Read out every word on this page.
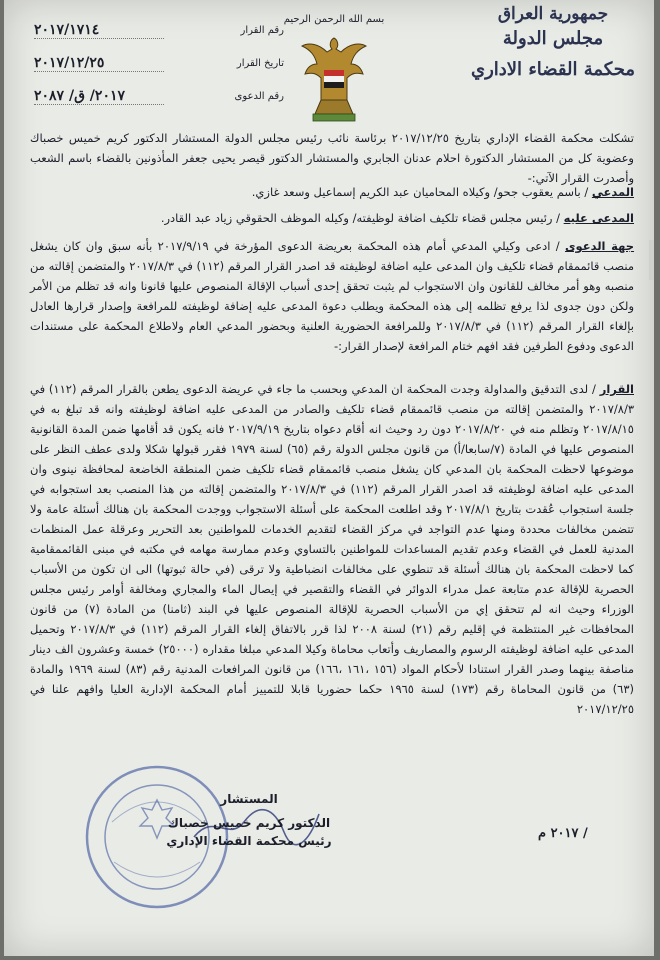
بسم الله الرحمن الرحيم	جمهورية العراق
مجلس الدولة
محكمة القضاء الاداري
رقم القرار
٢٠١٧/١٧١٤
تاريخ القرار
٢٠١٧/١٢/٢٥
رقم الدعوى
٢٠١٧/ ق/ ٢٠٨٧
تشكلت محكمة القضاء الإداري بتاريخ ٢٠١٧/١٢/٢٥ برئاسة نائب رئيس مجلس الدولة المستشار الدكتور كريم خميس خصباك وعضوية كل من المستشار الدكتورة احلام عدنان الجابري والمستشار الدكتور قيصر يحيى جعفر المأذونين بالقضاء باسم الشعب وأصدرت القرار الآتي:-
المدعي / باسم يعقوب جحو/ وكيلاه المحاميان عبد الكريم إسماعيل وسعد غازي.
المدعى عليه / رئيس مجلس قضاء تلكيف اضافة لوظيفته/ وكيله الموظف الحقوقي زياد عبد القادر.
جهة الدعوى / ادعى وكيلي المدعي أمام هذه المحكمة بعريضة الدعوى المؤرخة في ٢٠١٧/٩/١٩ بأنه سبق وان كان يشغل منصب قائممقام قضاء تلكيف وان المدعى عليه اضافة لوظيفته قد اصدر القرار المرقم (١١٢) في ٢٠١٧/٨/٣ والمتضمن إقالته من منصبه وهو أمر مخالف للقانون وان الاستجواب لم يثبت تحقق إحدى أسباب الإقالة المنصوص عليها قانونا وانه قد تظلم من الأمر ولكن دون جدوى لذا يرفع تظلمه إلى هذه المحكمة ويطلب دعوة المدعى عليه إضافة لوظيفته للمرافعة وإصدار قرارها العادل بإلغاء القرار المرقم (١١٢) في ٢٠١٧/٨/٣ وللمرافعة الحضورية العلنية وبحضور المدعي العام ولاطلاع المحكمة على مستندات الدعوى ودفوع الطرفين فقد افهم ختام المرافعة لإصدار القرار:-
القرار / لدى التدقيق والمداولة وجدت المحكمة ان المدعي وبحسب ما جاء في عريضة الدعوى يطعن بالقرار المرقم (١١٢) في ٢٠١٧/٨/٣ والمتضمن إقالته من منصب قائممقام قضاء تلكيف والصادر من المدعى عليه اضافة لوظيفته وانه قد تبلغ به في ٢٠١٧/٨/١٥ وتظلم منه في ٢٠١٧/٨/٢٠ دون رد وحيث انه أقام دعواه بتاريخ ٢٠١٧/٩/١٩ فانه يكون قد أقامها ضمن المدة القانونية المنصوص عليها في المادة (٧/سابعا/أ) من قانون مجلس الدولة رقم (٦٥) لسنة ١٩٧٩ فقرر قبولها شكلا ولدى عطف النظر على موضوعها لاحظت المحكمة بان المدعي كان يشغل منصب قائممقام قضاء تلكيف ضمن المنطقة الخاضعة لمحافظة نينوى وان المدعى عليه اضافة لوظيفته قد اصدر القرار المرقم (١١٢) في ٢٠١٧/٨/٣ والمتضمن إقالته من هذا المنصب بعد استجوابه في جلسة استجواب عُقدت بتاريخ ٢٠١٧/٨/١ وقد اطلعت المحكمة على أسئلة الاستجواب ووجدت المحكمة بان هنالك أسئلة عامة ولا تتضمن مخالفات محددة ومنها عدم التواجد في مركز القضاء لتقديم الخدمات للمواطنين بعد التحرير وعرقلة عمل المنظمات المدنية للعمل في القضاء وعدم تقديم المساعدات للمواطنين بالتساوي وعدم ممارسة مهامه في مكتبه في مبنى القائممقامية كما لاحظت المحكمة بان هنالك أسئلة قد تنطوي على مخالفات انضباطية ولا ترقى (في حالة ثبوتها) الى ان تكون من الأسباب الحصرية للإقالة عدم متابعة عمل مدراء الدوائر في القضاء والتقصير في إيصال الماء والمجاري ومخالفة أوامر رئيس مجلس الوزراء وحيث انه لم تتحقق إي من الأسباب الحصرية للإقالة المنصوص عليها في البند (ثامنا) من المادة (٧) من قانون المحافظات غير المنتظمة في إقليم رقم (٢١) لسنة ٢٠٠٨ لذا قرر بالاتفاق إلغاء القرار المرقم (١١٢) في ٢٠١٧/٨/٣ وتحميل المدعى عليه اضافة لوظيفته الرسوم والمصاريف وأتعاب محاماة وكيلا المدعي مبلغا مقداره (٢٥٠٠٠) خمسة وعشرون الف دينار مناصفة بينهما وصدر القرار استنادا لأحكام المواد (١٥٦ ،١٦١ ،١٦٦) من قانون المرافعات المدنية رقم (٨٣) لسنة ١٩٦٩ والمادة (٦٣) من قانون المحاماة رقم (١٧٣) لسنة ١٩٦٥ حكما حضوريا قابلا للتمييز أمام المحكمة الإدارية العليا وافهم علنا في ٢٠١٧/١٢/٢٥
المستشار
الدكتور كريم خميس خصباك
رئيس محكمة القضاء الإداري	/ ٢٠١٧ م
